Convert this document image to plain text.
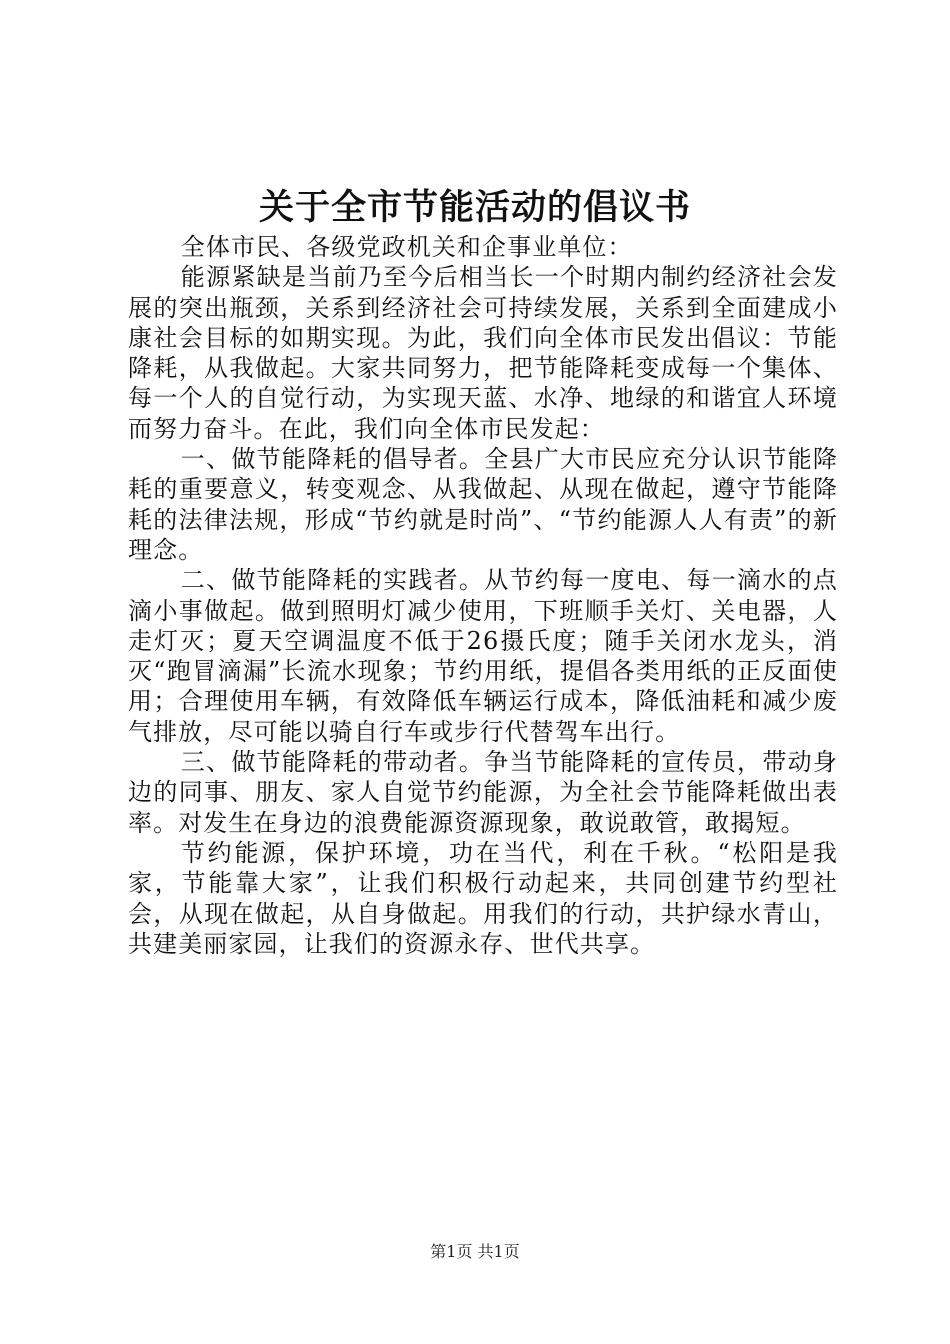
关于全市节能活动的倡议书

全体市民、各级党政机关和企事业单位：

能源紧缺是当前乃至今后相当长一个时期内制约经济社会发展的突出瓶颈，关系到经济社会可持续发展，关系到全面建成小康社会目标的如期实现。为此，我们向全体市民发出倡议：节能降耗，从我做起。大家共同努力，把节能降耗变成每一个集体、每一个人的自觉行动，为实现天蓝、水净、地绿的和谐宜人环境而努力奋斗。在此，我们向全体市民发起：

一、做节能降耗的倡导者。全县广大市民应充分认识节能降耗的重要意义，转变观念、从我做起、从现在做起，遵守节能降耗的法律法规，形成“节约就是时尚”、“节约能源人人有责”的新理念。

二、做节能降耗的实践者。从节约每一度电、每一滴水的点滴小事做起。做到照明灯减少使用，下班顺手关灯、关电器，人走灯灭；夏天空调温度不低于26摄氏度；随手关闭水龙头，消灭“跑冒滴漏”长流水现象；节约用纸，提倡各类用纸的正反面使用；合理使用车辆，有效降低车辆运行成本，降低油耗和减少废气排放，尽可能以骑自行车或步行代替驾车出行。

三、做节能降耗的带动者。争当节能降耗的宣传员，带动身边的同事、朋友、家人自觉节约能源，为全社会节能降耗做出表率。对发生在身边的浪费能源资源现象，敢说敢管，敢揭短。

节约能源，保护环境，功在当代，利在千秋。“松阳是我家，节能靠大家”，让我们积极行动起来，共同创建节约型社会，从现在做起，从自身做起。用我们的行动，共护绿水青山，共建美丽家园，让我们的资源永存、世代共享。

第1页 共1页
